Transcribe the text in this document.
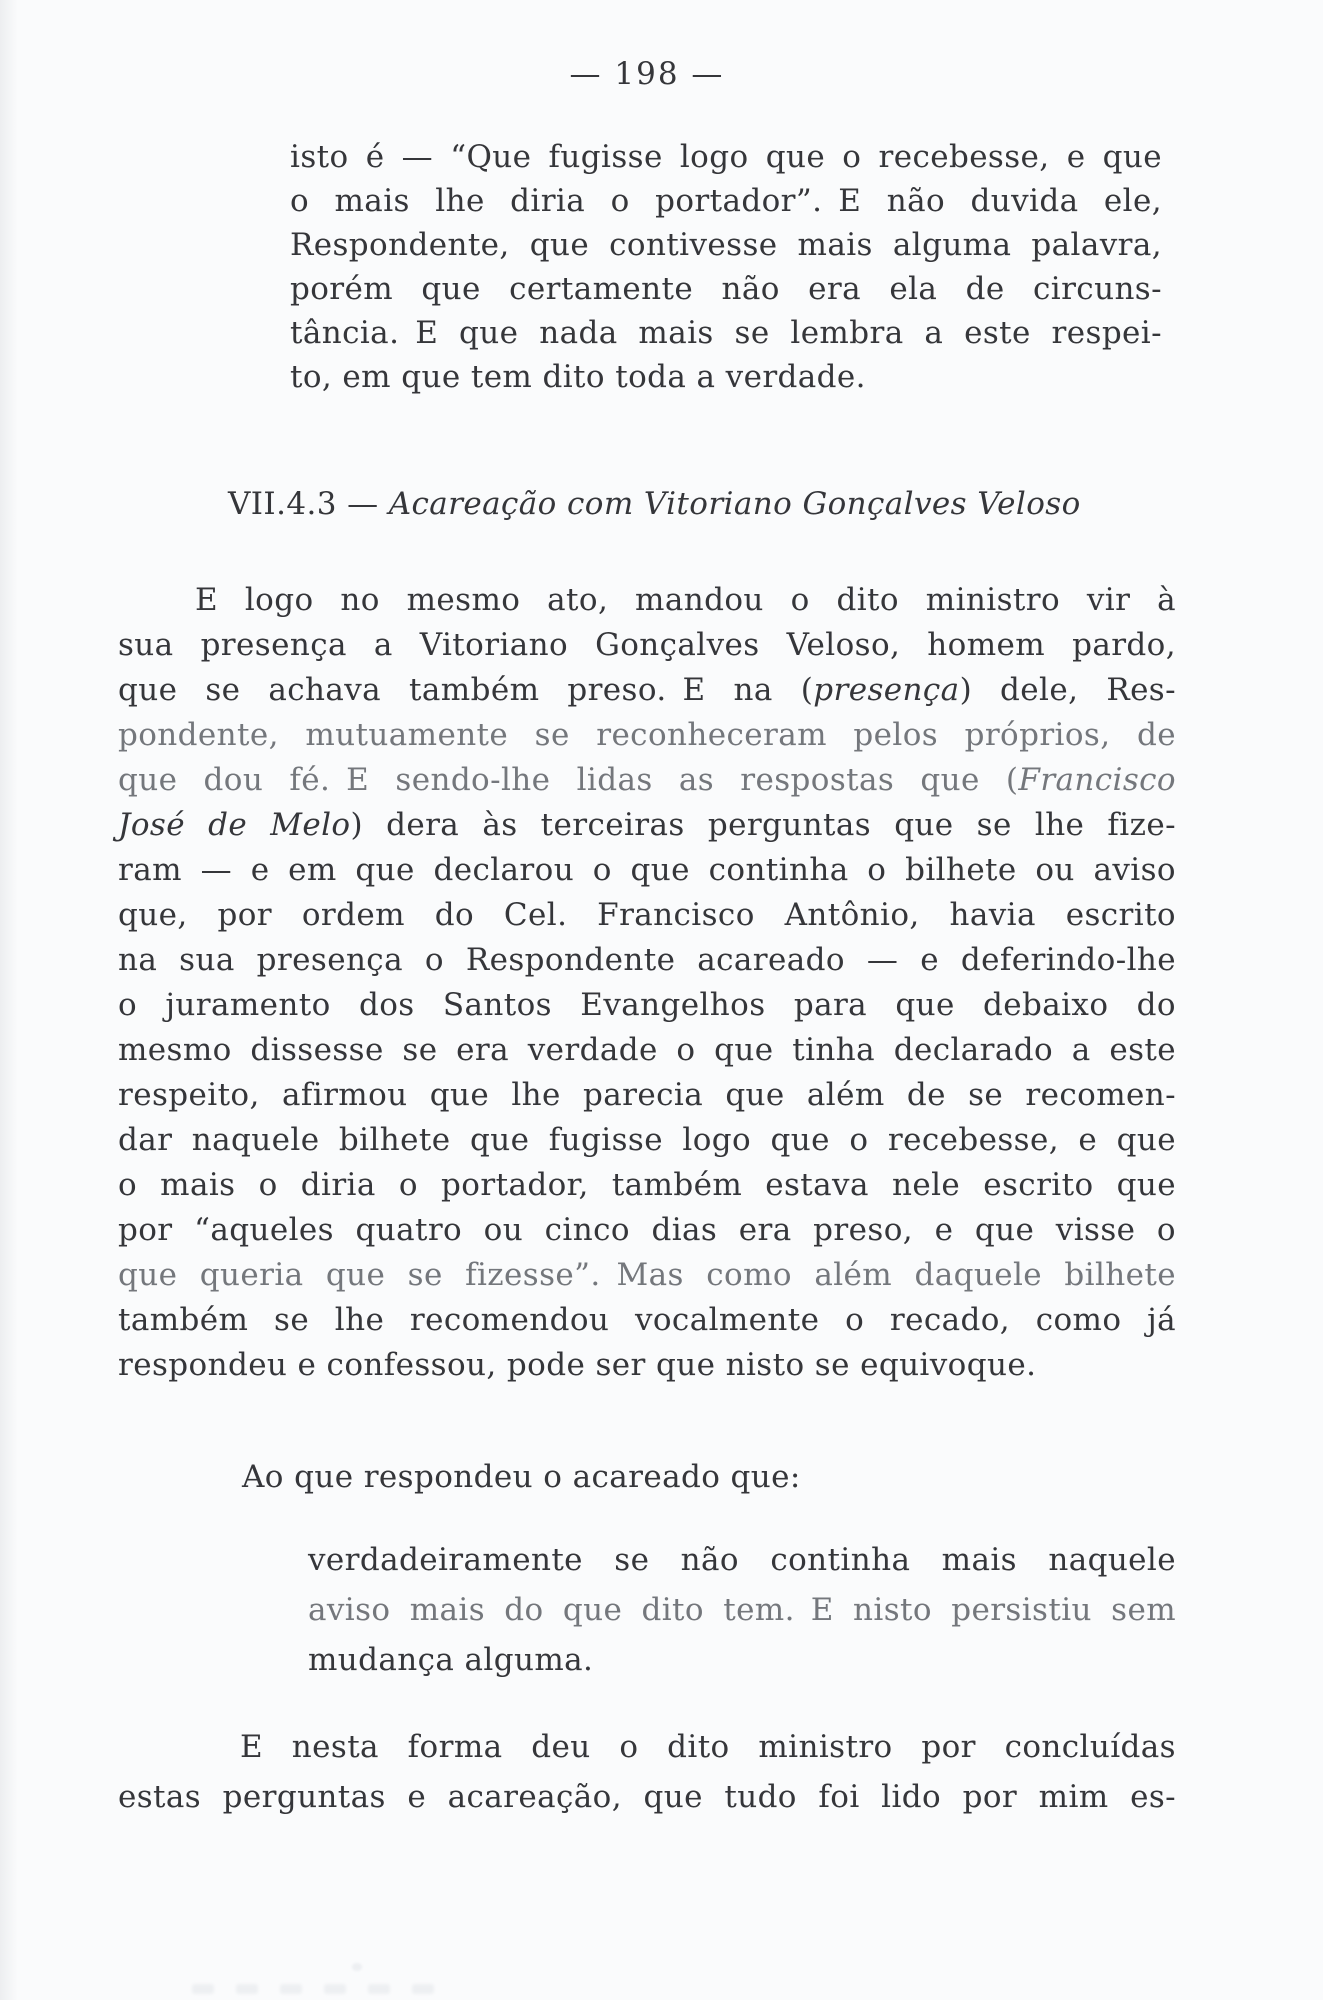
— 198 —
isto é — “Que fugisse logo que o recebesse, e que
o mais lhe diria o portador”. E não duvida ele,
Respondente, que contivesse mais alguma palavra,
porém que certamente não era ela de circuns-
tância. E que nada mais se lembra a este respei-
to, em que tem dito toda a verdade.
VII.4.3 — Acareação com Vitoriano Gonçalves Veloso
E logo no mesmo ato, mandou o dito ministro vir à
sua presença a Vitoriano Gonçalves Veloso, homem pardo,
que se achava também preso. E na (presença) dele, Res-
pondente, mutuamente se reconheceram pelos próprios, de
que dou fé. E sendo-lhe lidas as respostas que (Francisco
José de Melo) dera às terceiras perguntas que se lhe fize-
ram — e em que declarou o que continha o bilhete ou aviso
que, por ordem do Cel. Francisco Antônio, havia escrito
na sua presença o Respondente acareado — e deferindo-lhe
o juramento dos Santos Evangelhos para que debaixo do
mesmo dissesse se era verdade o que tinha declarado a este
respeito, afirmou que lhe parecia que além de se recomen-
dar naquele bilhete que fugisse logo que o recebesse, e que
o mais o diria o portador, também estava nele escrito que
por “aqueles quatro ou cinco dias era preso, e que visse o
que queria que se fizesse”. Mas como além daquele bilhete
também se lhe recomendou vocalmente o recado, como já
respondeu e confessou, pode ser que nisto se equivoque.
Ao que respondeu o acareado que:
verdadeiramente se não continha mais naquele
aviso mais do que dito tem. E nisto persistiu sem
mudança alguma.
E nesta forma deu o dito ministro por concluídas
estas perguntas e acareação, que tudo foi lido por mim es-
